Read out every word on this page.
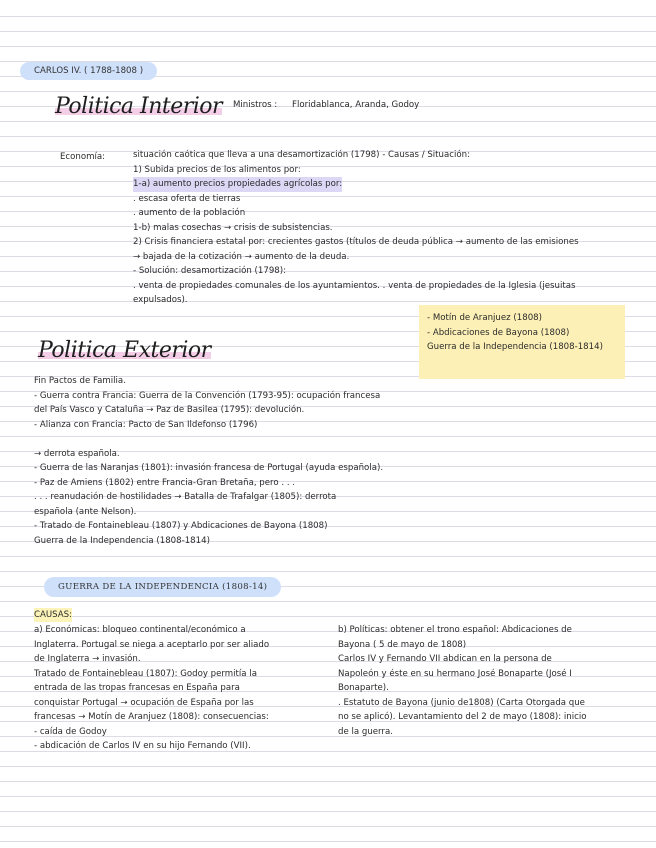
CARLOS IV. ( 1788-1808 )
Politica Interior Ministros : Floridablanca, Aranda, Godoy
Economía:	situación caótica que lleva a una desamortización (1798) - Causas / Situación:
1) Subida precios de los alimentos por:
1-a) aumento precios propiedades agrícolas por:
. escasa oferta de tierras
. aumento de la población
1-b) malas cosechas → crisis de subsistencias.
2) Crisis financiera estatal por: crecientes gastos (títulos de deuda pública → aumento de las emisiones
→ bajada de la cotización → aumento de la deuda.
- Solución: desamortización (1798):
. venta de propiedades comunales de los ayuntamientos. . venta de propiedades de la Iglesia (jesuitas
expulsados).
- Motín de Aranjuez (1808)
- Abdicaciones de Bayona (1808)
Guerra de la Independencia (1808-1814)
Politica Exterior
Fin Pactos de Familia.
- Guerra contra Francia: Guerra de la Convención (1793-95): ocupación francesa
del País Vasco y Cataluña → Paz de Basilea (1795): devolución.
- Alianza con Francia: Pacto de San Ildefonso (1796)
→ derrota española.
- Guerra de las Naranjas (1801): invasión francesa de Portugal (ayuda española).
- Paz de Amiens (1802) entre Francia-Gran Bretaña, pero . . .
. . . reanudación de hostilidades → Batalla de Trafalgar (1805): derrota
española (ante Nelson).
- Tratado de Fontainebleau (1807) y Abdicaciones de Bayona (1808)
Guerra de la Independencia (1808-1814)
GUERRA DE LA INDEPENDENCIA (1808-14)
CAUSAS:
a) Económicas: bloqueo continental/económico a
Inglaterra. Portugal se niega a aceptarlo por ser aliado
de Inglaterra → invasión.
Tratado de Fontainebleau (1807): Godoy permitía la
entrada de las tropas francesas en España para
conquistar Portugal → ocupación de España por las
francesas → Motín de Aranjuez (1808): consecuencias:
- caída de Godoy
- abdicación de Carlos IV en su hijo Fernando (VII).
b) Políticas: obtener el trono español: Abdicaciones de
Bayona ( 5 de mayo de 1808)
Carlos IV y Fernando VII abdican en la persona de
Napoleón y éste en su hermano José Bonaparte (José I
Bonaparte).
. Estatuto de Bayona (junio de1808) (Carta Otorgada que
no se aplicó). Levantamiento del 2 de mayo (1808): inicio
de la guerra.
